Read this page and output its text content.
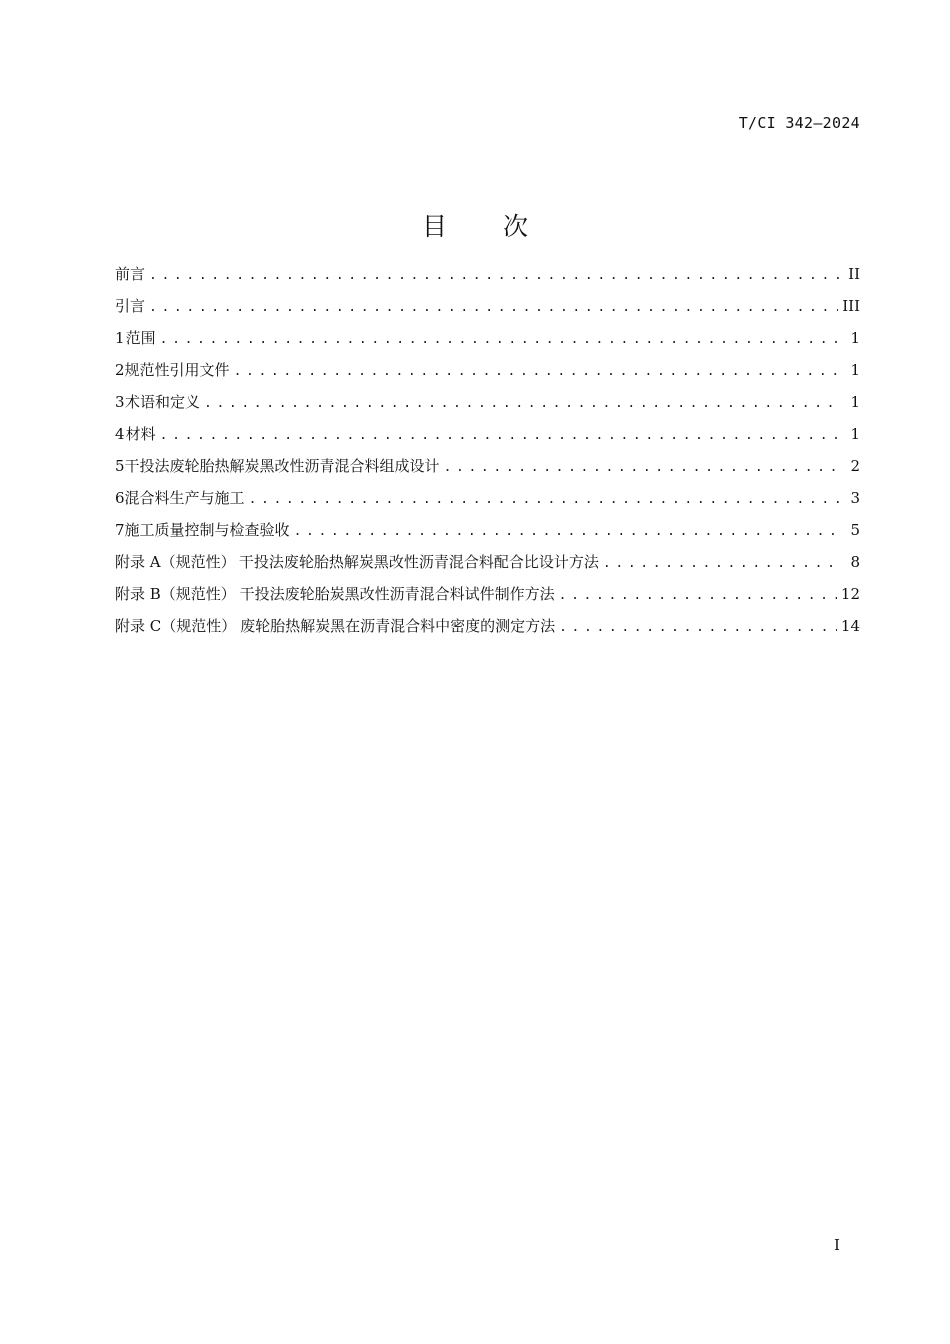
T/CI 342—2024
目 次
前言 . . .	II
引言 . . .	III
1 范围 . . .	1
2 规范性引用文件 . . .	1
3 术语和定义 . . .	1
4 材料 . . .	1
5 干投法废轮胎热解炭黑改性沥青混合料组成设计 . . .	2
6 混合料生产与施工 . . .	3
7 施工质量控制与检查验收 . . .	5
附录 A（规范性） 干投法废轮胎热解炭黑改性沥青混合料配合比设计方法 . . .	8
附录 B（规范性） 干投法废轮胎炭黑改性沥青混合料试件制作方法 . . .	12
附录 C（规范性） 废轮胎热解炭黑在沥青混合料中密度的测定方法 . . .	14
I
